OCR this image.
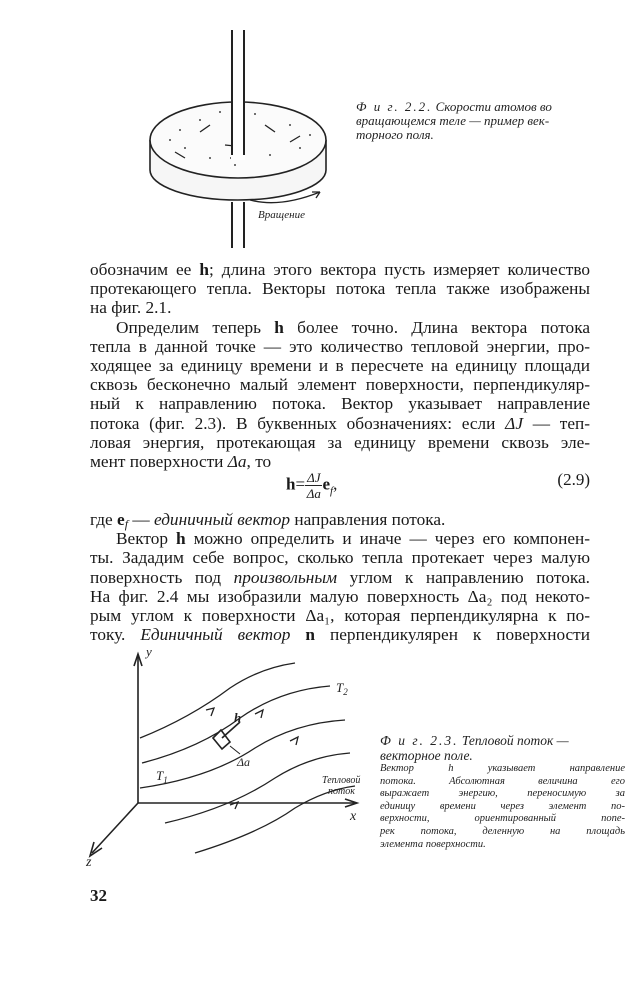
Вращение
Ф и г. 2.2. Скорости атомов во
вращающемся теле — пример век-
торного поля.
обозначим ее h; длина этого вектора пусть измеряет количество
протекающего тепла. Векторы потока тепла также изображены
на фиг. 2.1.
Определим теперь h более точно. Длина вектора потока
тепла в данной точке — это количество тепловой энергии, про-
ходящее за единицу времени и в пересчете на единицу площади
сквозь бесконечно малый элемент поверхности, перпендикуляр-
ный к направлению потока. Вектор указывает направление
потока (фиг. 2.3). В буквенных обозначениях: если ΔJ — теп-
ловая энергия, протекающая за единицу времени сквозь эле-
мент поверхности Δa, то
$h= \frac{\Delta J}{\Delta a} e_f$,	(2.9)
где ef — единичный вектор направления потока.
Вектор h можно определить и иначе — через его компонен-
ты. Зададим себе вопрос, сколько тепла протекает через малую
поверхность под произвольным углом к направлению потока.
На фиг. 2.4 мы изобразили малую поверхность Δa₂ под некото-
рым углом к поверхности Δa₁, которая перпендикулярна к по-
току. Единичный вектор n перпендикулярен к поверхности
h
Δa
y
x
z
$T_1$
$T_2$
Тепловой
поток
Ф и г. 2.3. Тепловой поток —
векторное поле.
Вектор h указывает направление
потока. Абсолютная величина его
выражает энергию, переносимую за
единицу времени через элемент по-
верхности, ориентированный попе-
рек потока, деленную на площадь
элемента поверхности.
32
